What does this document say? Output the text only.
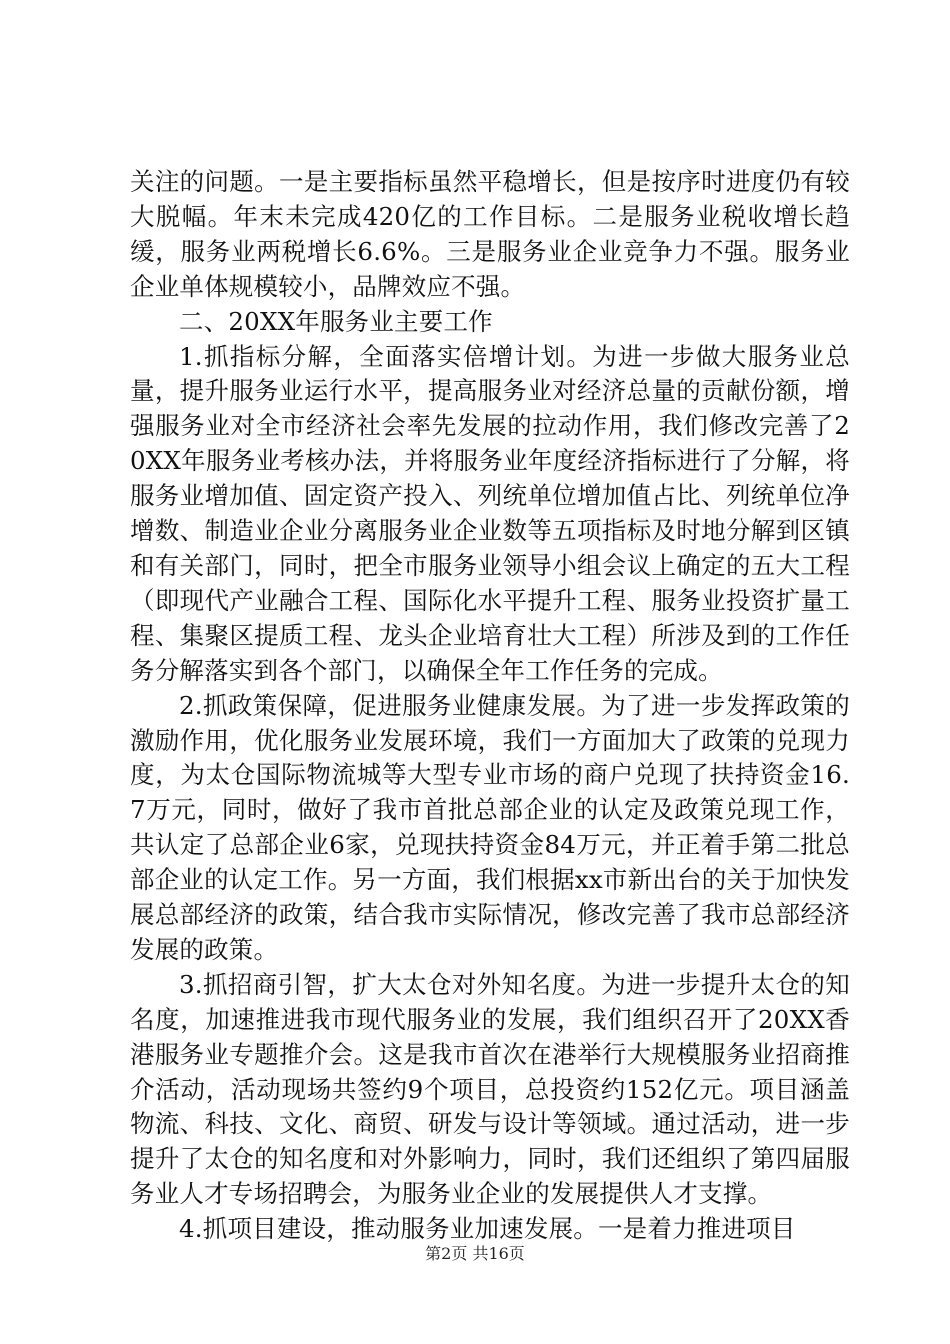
关注的问题。一是主要指标虽然平稳增长，但是按序时进度仍有较大脱幅。年末未完成420亿的工作目标。二是服务业税收增长趋缓，服务业两税增长6.6%。三是服务业企业竞争力不强。服务业企业单体规模较小，品牌效应不强。

二、20XX年服务业主要工作

1.抓指标分解，全面落实倍增计划。为进一步做大服务业总量，提升服务业运行水平，提高服务业对经济总量的贡献份额，增强服务业对全市经济社会率先发展的拉动作用，我们修改完善了20XX年服务业考核办法，并将服务业年度经济指标进行了分解，将服务业增加值、固定资产投入、列统单位增加值占比、列统单位净增数、制造业企业分离服务业企业数等五项指标及时地分解到区镇和有关部门，同时，把全市服务业领导小组会议上确定的五大工程（即现代产业融合工程、国际化水平提升工程、服务业投资扩量工程、集聚区提质工程、龙头企业培育壮大工程）所涉及到的工作任务分解落实到各个部门，以确保全年工作任务的完成。

2.抓政策保障，促进服务业健康发展。为了进一步发挥政策的激励作用，优化服务业发展环境，我们一方面加大了政策的兑现力度，为太仓国际物流城等大型专业市场的商户兑现了扶持资金16.7万元，同时，做好了我市首批总部企业的认定及政策兑现工作，共认定了总部企业6家，兑现扶持资金84万元，并正着手第二批总部企业的认定工作。另一方面，我们根据xx市新出台的关于加快发展总部经济的政策，结合我市实际情况，修改完善了我市总部经济发展的政策。

3.抓招商引智，扩大太仓对外知名度。为进一步提升太仓的知名度，加速推进我市现代服务业的发展，我们组织召开了20XX香港服务业专题推介会。这是我市首次在港举行大规模服务业招商推介活动，活动现场共签约9个项目，总投资约152亿元。项目涵盖物流、科技、文化、商贸、研发与设计等领域。通过活动，进一步提升了太仓的知名度和对外影响力，同时，我们还组织了第四届服务业人才专场招聘会，为服务业企业的发展提供人才支撑。

4.抓项目建设，推动服务业加速发展。一是着力推进项目

第2页 共16页
